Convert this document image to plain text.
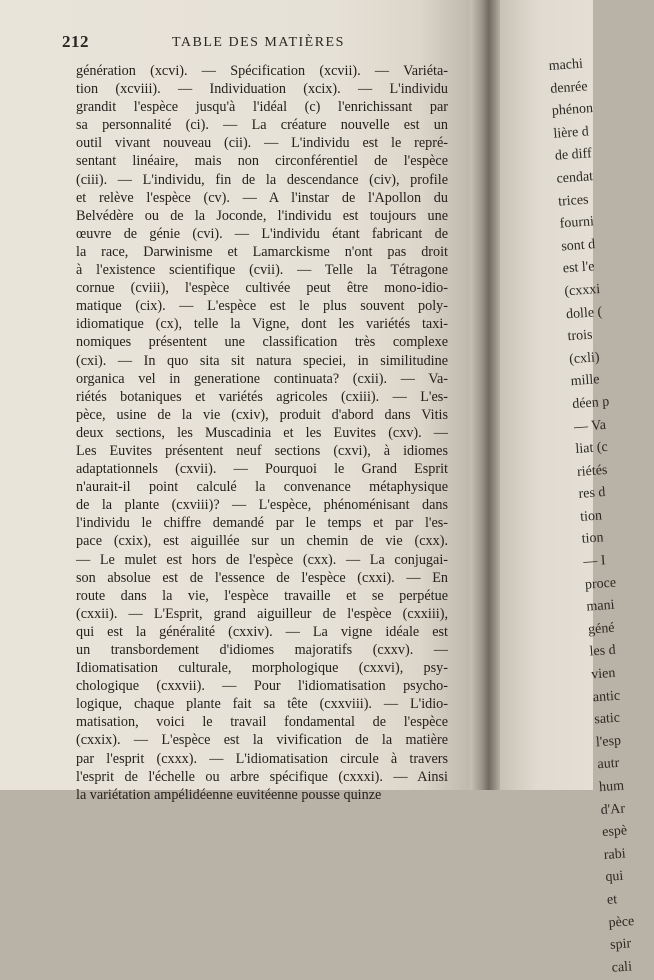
212	TABLE DES MATIÈRES
génération (xcvi). — Spécification (xcvii). — Variéta-
tion (xcviii). — Individuation (xcix). — L'individu
grandit l'espèce jusqu'à l'idéal (c) l'enrichissant par
sa personnalité (ci). — La créature nouvelle est un
outil vivant nouveau (cii). — L'individu est le repré-
sentant linéaire, mais non circonférentiel de l'espèce
(ciii). — L'individu, fin de la descendance (civ), profile
et relève l'espèce (cv). — A l'instar de l'Apollon du
Belvédère ou de la Joconde, l'individu est toujours une
œuvre de génie (cvi). — L'individu étant fabricant de
la race, Darwinisme et Lamarckisme n'ont pas droit
à l'existence scientifique (cvii). — Telle la Tétragone
cornue (cviii), l'espèce cultivée peut être mono-idio-
matique (cix). — L'espèce est le plus souvent poly-
idiomatique (cx), telle la Vigne, dont les variétés taxi-
nomiques présentent une classification très complexe
(cxi). — In quo sita sit natura speciei, in similitudine
organica vel in generatione continuata? (cxii). — Va-
riétés botaniques et variétés agricoles (cxiii). — L'es-
pèce, usine de la vie (cxiv), produit d'abord dans Vitis
deux sections, les Muscadinia et les Euvites (cxv). —
Les Euvites présentent neuf sections (cxvi), à idiomes
adaptationnels (cxvii). — Pourquoi le Grand Esprit
n'aurait-il point calculé la convenance métaphysique
de la plante (cxviii)? — L'espèce, phénoménisant dans
l'individu le chiffre demandé par le temps et par l'es-
pace (cxix), est aiguillée sur un chemin de vie (cxx).
— Le mulet est hors de l'espèce (cxx). — La conjugai-
son absolue est de l'essence de l'espèce (cxxi). — En
route dans la vie, l'espèce travaille et se perpétue
(cxxii). — L'Esprit, grand aiguilleur de l'espèce (cxxiii),
qui est la généralité (cxxiv). — La vigne idéale est
un transbordement d'idiomes majoratifs (cxxv). —
Idiomatisation culturale, morphologique (cxxvi), psy-
chologique (cxxvii). — Pour l'idiomatisation psycho-
logique, chaque plante fait sa tête (cxxviii). — L'idio-
matisation, voici le travail fondamental de l'espèce
(cxxix). — L'espèce est la vivification de la matière
par l'esprit (cxxx). — L'idiomatisation circule à travers
l'esprit de l'échelle ou arbre spécifique (cxxxi). — Ainsi
la variétation ampélidéenne euvitéenne pousse quinze
machi
denrée
phénon
lière d
de diff
cendat
trices
fourni
sont d
est l'e
(cxxxi
dolle (
trois
(cxli)
mille
déen p
— Va
liat (c
riétés
res d
tion
tion
— I
proce
mani
géné
les d
vien
antic
satic
l'esp
autr
hum
d'Ar
espè
rabi
qui
et
pèce
spir
cali
